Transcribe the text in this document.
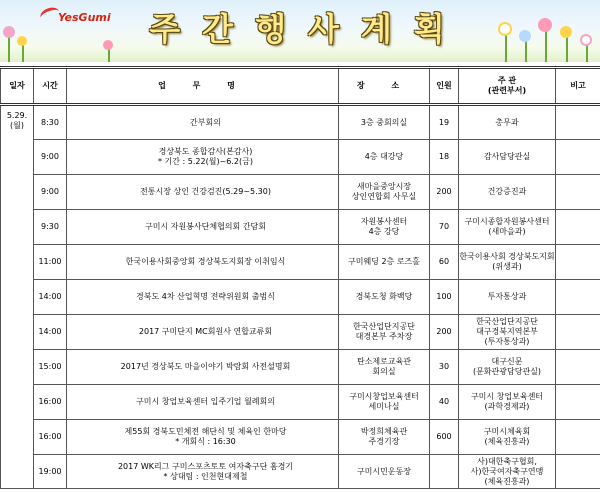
YesGumi	주간행사계획
일자	시간	업 무 명	장 소	인원	주 관
(관련부서)	비고

5.29.
(월)	8:30	간부회의	3층 중회의실	19	총무과	

	9:00	경상북도 종합감사(본감사)
* 기간 : 5.22(월)~6.2(금)	4층 대강당	18	감사담당관실	

	9:00	전통시장 상인 건강검진(5.29~5.30)	새마을중앙시장
상인연합회 사무실	200	건강증진과	

	9:30	구미시 자원봉사단체협의회 간담회	자원봉사센터
4층 강당	70	구미시종합자원봉사센터
(새마을과)	

	11:00	한국이용사회중앙회 경상북도지회장 이취임식	구미웨딩 2층 로즈홀	60	한국이용사회 경상북도지회
(위생과)	

	14:00	경북도 4차 산업혁명 전략위원회 출범식	경북도청 화백당	100	투자통상과	

	14:00	2017 구미단지 MC회원사 연합교류회	한국산업단지공단
대경본부 주차장	200	한국산업단지공단
대구경북지역본부
(투자통상과)	

	15:00	2017년 경상북도 마을이야기 박람회 사전설명회	탄소제로교육관
회의실	30	대구신문
(문화관광담당관실)	

	16:00	구미시 창업보육센터 입주기업 월례회의	구미시창업보육센터
세미나실	40	구미시 창업보육센터
(과학경제과)	

	16:00	제55회 경북도민체전 해단식 및 체육인 한마당
* 개회식 : 16:30	박정희체육관
주경기장	600	구미시체육회
(체육진흥과)	

	19:00	2017 WK리그 구미스포츠토토 여자축구단 홈경기
* 상대팀 : 인천현대제철	구미시민운동장		사)대한축구협회,
사)한국여자축구연맹
(체육진흥과)	
